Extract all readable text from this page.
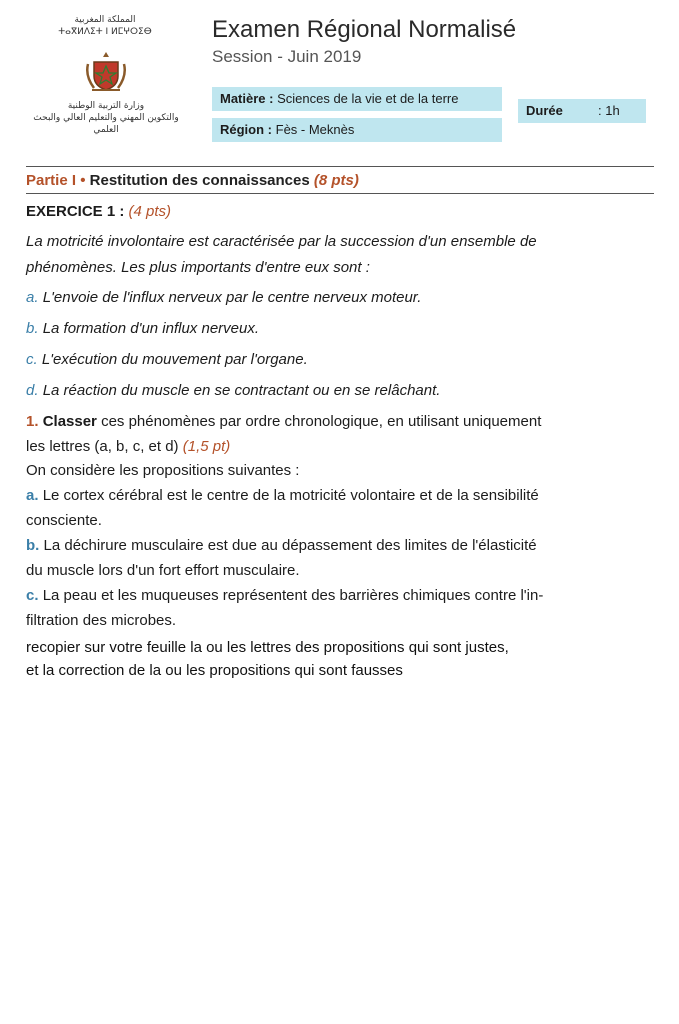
المملكة المغربية
ⵜⴰⴳⵍⴷⵉⵜ ⵏ ⵍⵎⵖⵔⵉⴱ
وزارة التربية الوطنية
والتكوين المهني والتعليم العالي والبحث
العلمي
Examen Régional Normalisé
Session - Juin 2019
Matière : Sciences de la vie et de la terre
Région : Fès - Meknès
Durée	: 1h
Partie I • Restitution des connaissances (8 pts)
EXERCICE 1 : (4 pts)
La motricité involontaire est caractérisée par la succession d'un ensemble de
phénomènes. Les plus importants d'entre eux sont :
a. L'envoie de l'influx nerveux par le centre nerveux moteur.
b. La formation d'un influx nerveux.
c. L'exécution du mouvement par l'organe.
d. La réaction du muscle en se contractant ou en se relâchant.
1. Classer ces phénomènes par ordre chronologique, en utilisant uniquement
les lettres (a, b, c, et d) (1,5 pt)
On considère les propositions suivantes :
a. Le cortex cérébral est le centre de la motricité volontaire et de la sensibilité
consciente.
b. La déchirure musculaire est due au dépassement des limites de l'élasticité
du muscle lors d'un fort effort musculaire.
c. La peau et les muqueuses représentent des barrières chimiques contre l'in-
filtration des microbes.
recopier sur votre feuille la ou les lettres des propositions qui sont justes,
et la correction de la ou les propositions qui sont fausses
